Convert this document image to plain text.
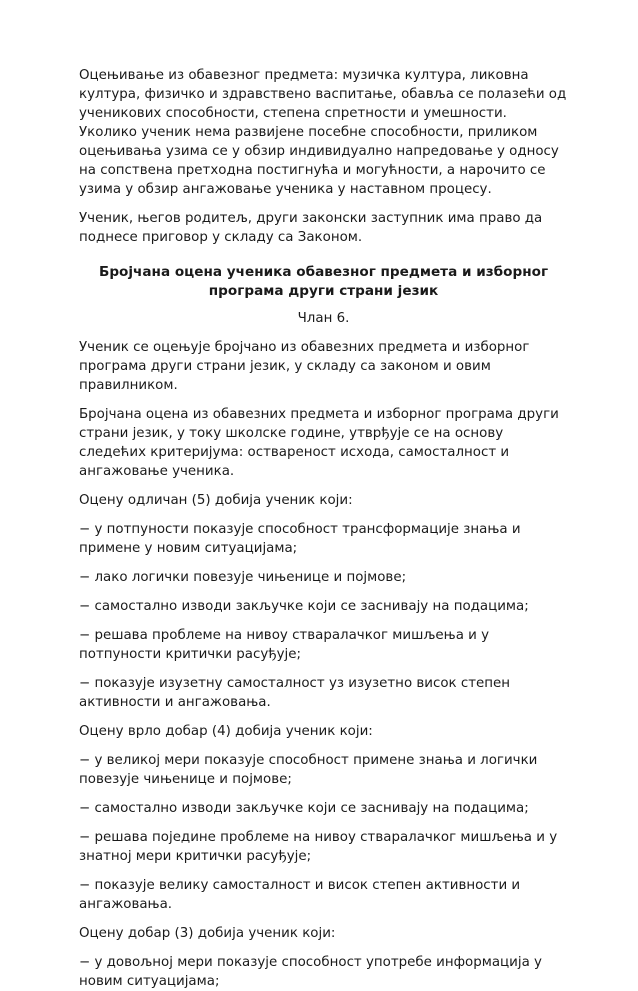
Оцењивање из обавезног предмета: музичка култура, ликовна култура, физичко и здравствено васпитање, обавља се полазећи од ученикових способности, степена спретности и умешности. Уколико ученик нема развијене посебне способности, приликом оцењивања узима се у обзир индивидуално напредовање у односу на сопствена претходна постигнућа и могућности, а нарочито се узима у обзир ангажовање ученика у наставном процесу.

Ученик, његов родитељ, други законски заступник има право да поднесе приговор у складу са Законом.

Бројчана оцена ученика обавезног предмета и изборног програма други страни језик

Члан 6.

Ученик се оцењује бројчано из обавезних предмета и изборног програма други страни језик, у складу са законом и овим правилником.

Бројчана оцена из обавезних предмета и изборног програма други страни језик, у току школске године, утврђује се на основу следећих критеријума: оствареност исхода, самосталност и ангажовање ученика.

Оцену одличан (5) добија ученик који:

− у потпуности показује способност трансформације знања и примене у новим ситуацијама;

− лако логички повезује чињенице и појмове;

− самостално изводи закључке који се заснивају на подацима;

− решава проблеме на нивоу стваралачког мишљења и у потпуности критички расуђује;

− показује изузетну самосталност уз изузетно висок степен активности и ангажовања.

Оцену врло добар (4) добија ученик који:

− у великој мери показује способност примене знања и логички повезује чињенице и појмове;

− самостално изводи закључке који се заснивају на подацима;

− решава поједине проблеме на нивоу стваралачког мишљења и у знатној мери критички расуђује;

− показује велику самосталност и висок степен активности и ангажовања.

Оцену добар (3) добија ученик који:

− у довољној мери показује способност употребе информација у новим ситуацијама;
